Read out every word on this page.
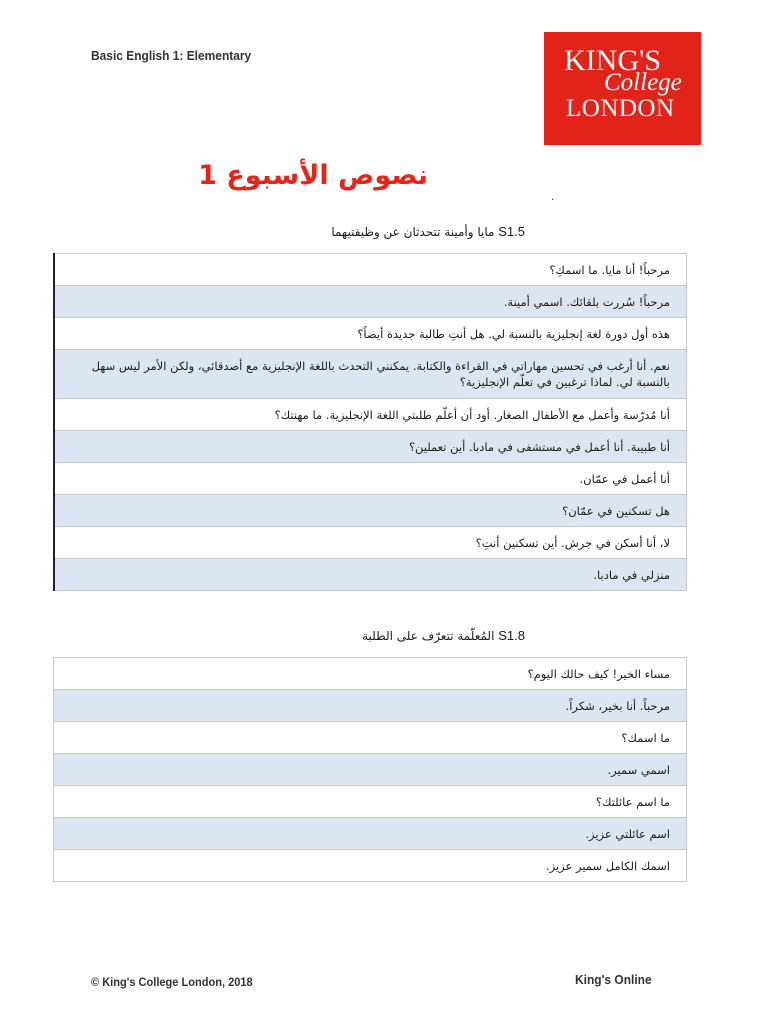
Basic English 1: Elementary	KING'S
College
LONDON
نصوص الأسبوع 1
.
S1.5 مايا وأمينة تتحدثان عن وظيفتيهما
مرحباً! أنا مايا. ما اسمكِ؟
مرحباً! سُررت بلقائك. اسمي أمينة.
هذه أول دورة لغة إنجليزية بالنسبة لي. هل أنتِ طالبة جديدة أيضاً؟
نعم. أنا أرغب في تحسين مهاراتي في القراءة والكتابة. يمكنني التحدث باللغة الإنجليزية مع أصدقائي، ولكن الأمر ليس سهل بالنسبة لي. لماذا ترغبين في تعلّم الإنجليزية؟
أنا مُدرّسة وأعمل مع الأطفال الصغار. أود أن أعلّم طلبتي اللغة الإنجليزية. ما مهنتك؟
أنا طبيبة. أنا أعمل في مستشفى في مادبا. أين تعملين؟
أنا أعمل في عمّان.
هل تسكنين في عمّان؟
لا، أنا أسكن في جرش. أين تسكنين أنتِ؟
منزلي في مادبا.
S1.8 المُعلّمة تتعرّف على الطلبة
مساء الخير! كيف حالك اليوم؟
مرحباً. أنا بخير، شكراً.
ما اسمك؟
اسمي سمير.
ما اسم عائلتك؟
اسم عائلتي عزيز.
اسمك الكامل سمير عزيز.
© King's College London, 2018	King's Online
